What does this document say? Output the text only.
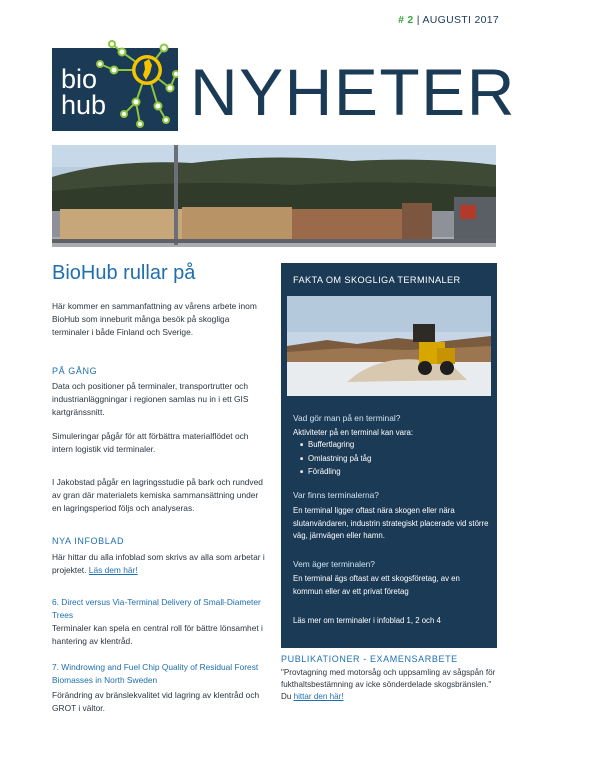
# 2 | AUGUSTI 2017
bio
hub NYHETER
BioHub rullar på

Här kommer en sammanfattning av vårens arbete inom BioHub som inneburit många besök på skogliga terminaler i både Finland och Sverige.

PÅ GÅNG

Data och positioner på terminaler, transportrutter och industrianläggningar i regionen samlas nu in i ett GIS kartgränssnitt.

Simuleringar pågår för att förbättra materialflödet och intern logistik vid terminaler.

I Jakobstad pågår en lagringsstudie på bark och rundved av gran där materialets kemiska sammansättning under en lagringsperiod följs och analyseras.

NYA INFOBLAD

Här hittar du alla infoblad som skrivs av alla som arbetar i projektet. Läs dem här!

6. Direct versus Via-Terminal Delivery of Small-Diameter Trees

Terminaler kan spela en central roll för bättre lönsamhet i hantering av klentråd.

7. Windrowing and Fuel Chip Quality of Residual Forest Biomasses in North Sweden

Förändring av bränslekvalitet vid lagring av klentråd och GROT i vältor.

FAKTA OM SKOGLIGA TERMINALER
Vad gör man på en terminal?
Aktiviteter på en terminal kan vara:
■ Buffertlagring
■ Omlastning på tåg
■ Förädling
Var finns terminalerna?
En terminal ligger oftast nära skogen eller nära slutanvändaren, industrin strategiskt placerade vid större väg, järnvägen eller hamn.
Vem äger terminalen?
En terminal ägs oftast av ett skogsföretag, av en kommun eller av ett privat företag
Läs mer om terminaler i infoblad 1, 2 och 4
PUBLIKATIONER - EXAMENSARBETE
"Provtagning med motorsåg och uppsamling av sågspån för fukthaltsbestämning av icke sönderdelade skogsbränslen." Du hittar den här!
